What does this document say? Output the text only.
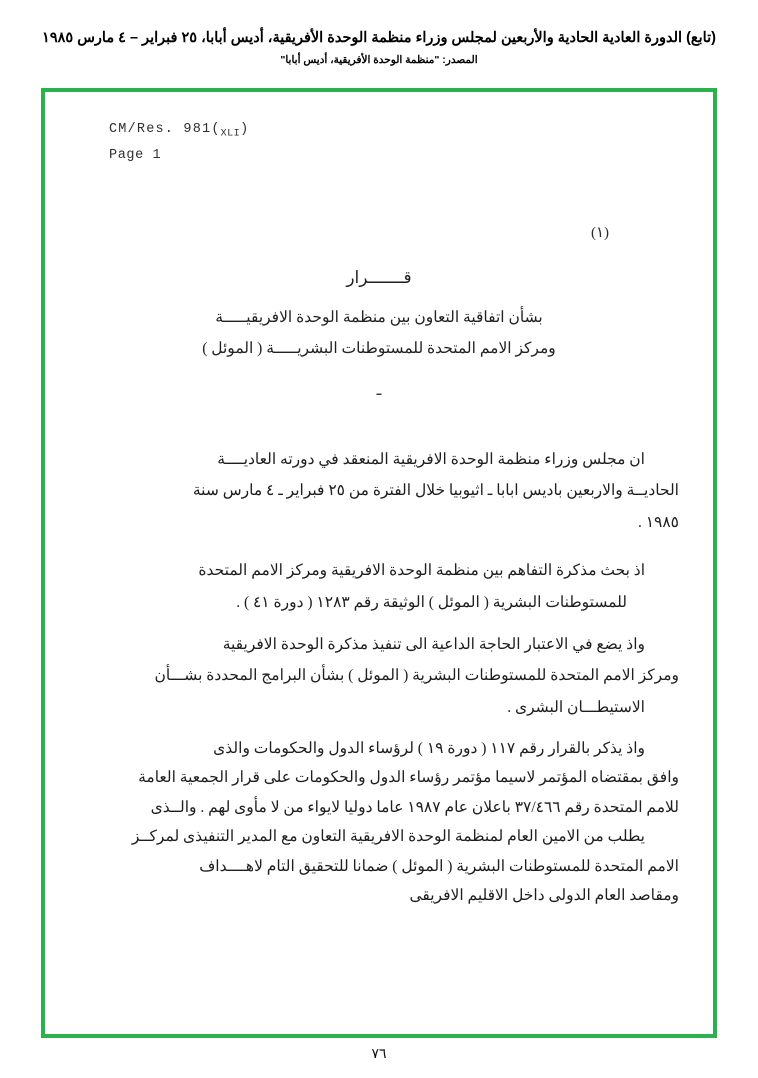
(تابع) الدورة العادية الحادية والأربعين لمجلس وزراء منظمة الوحدة الأفريقية، أديس أبابا، ٢٥ فبراير – ٤ مارس ١٩٨٥
المصدر: "منظمة الوحدة الأفريقية، أديس أبابا"
CM/Res. $981(_{XLI})$
Page 1
(١)
قـــــــرار
بشأن اتفاقية التعاون بين منظمة الوحدة الافريقيـــــة
ومركز الامم المتحدة للمستوطنات البشريـــــة ( الموئل )
ـ
ان مجلس وزراء منظمة الوحدة الافريقية المنعقد في دورته العاديــــة
الحاديــة والاربعين باديس ابابا ـ اثيوبيا خلال الفترة من ٢٥ فبراير ـ ٤ مارس سنة
١٩٨٥ .
اذ بحث مذكرة التفاهم بين منظمة الوحدة الافريقية ومركز الامم المتحدة
للمستوطنات البشرية ( الموئل ) الوثيقة رقم ١٢٨٣ ( دورة ٤١ ) .
واذ يضع في الاعتبار الحاجة الداعية الى تنفيذ مذكرة الوحدة الافريقية
ومركز الامم المتحدة للمستوطنات البشرية ( الموئل ) بشأن البرامج المحددة بشـــأن
الاستيطـــان البشرى .
واذ يذكر بالقرار رقم ١١٧ ( دورة ١٩ ) لرؤساء الدول والحكومات والذى
وافق بمقتضاه المؤتمر لاسيما مؤتمر رؤساء الدول والحكومات على قرار الجمعية العامة
للامم المتحدة رقم ٣٧/٤٦٦ باعلان عام ١٩٨٧ عاما دوليا لايواء من لا مأوى لهم . والــذى
يطلب من الامين العام لمنظمة الوحدة الافريقية التعاون مع المدير التنفيذى لمركــز
الامم المتحدة للمستوطنات البشرية ( الموئل ) ضمانا للتحقيق التام لاهــــداف
ومقاصد العام الدولى داخل الاقليم الافريقى
٧٦
